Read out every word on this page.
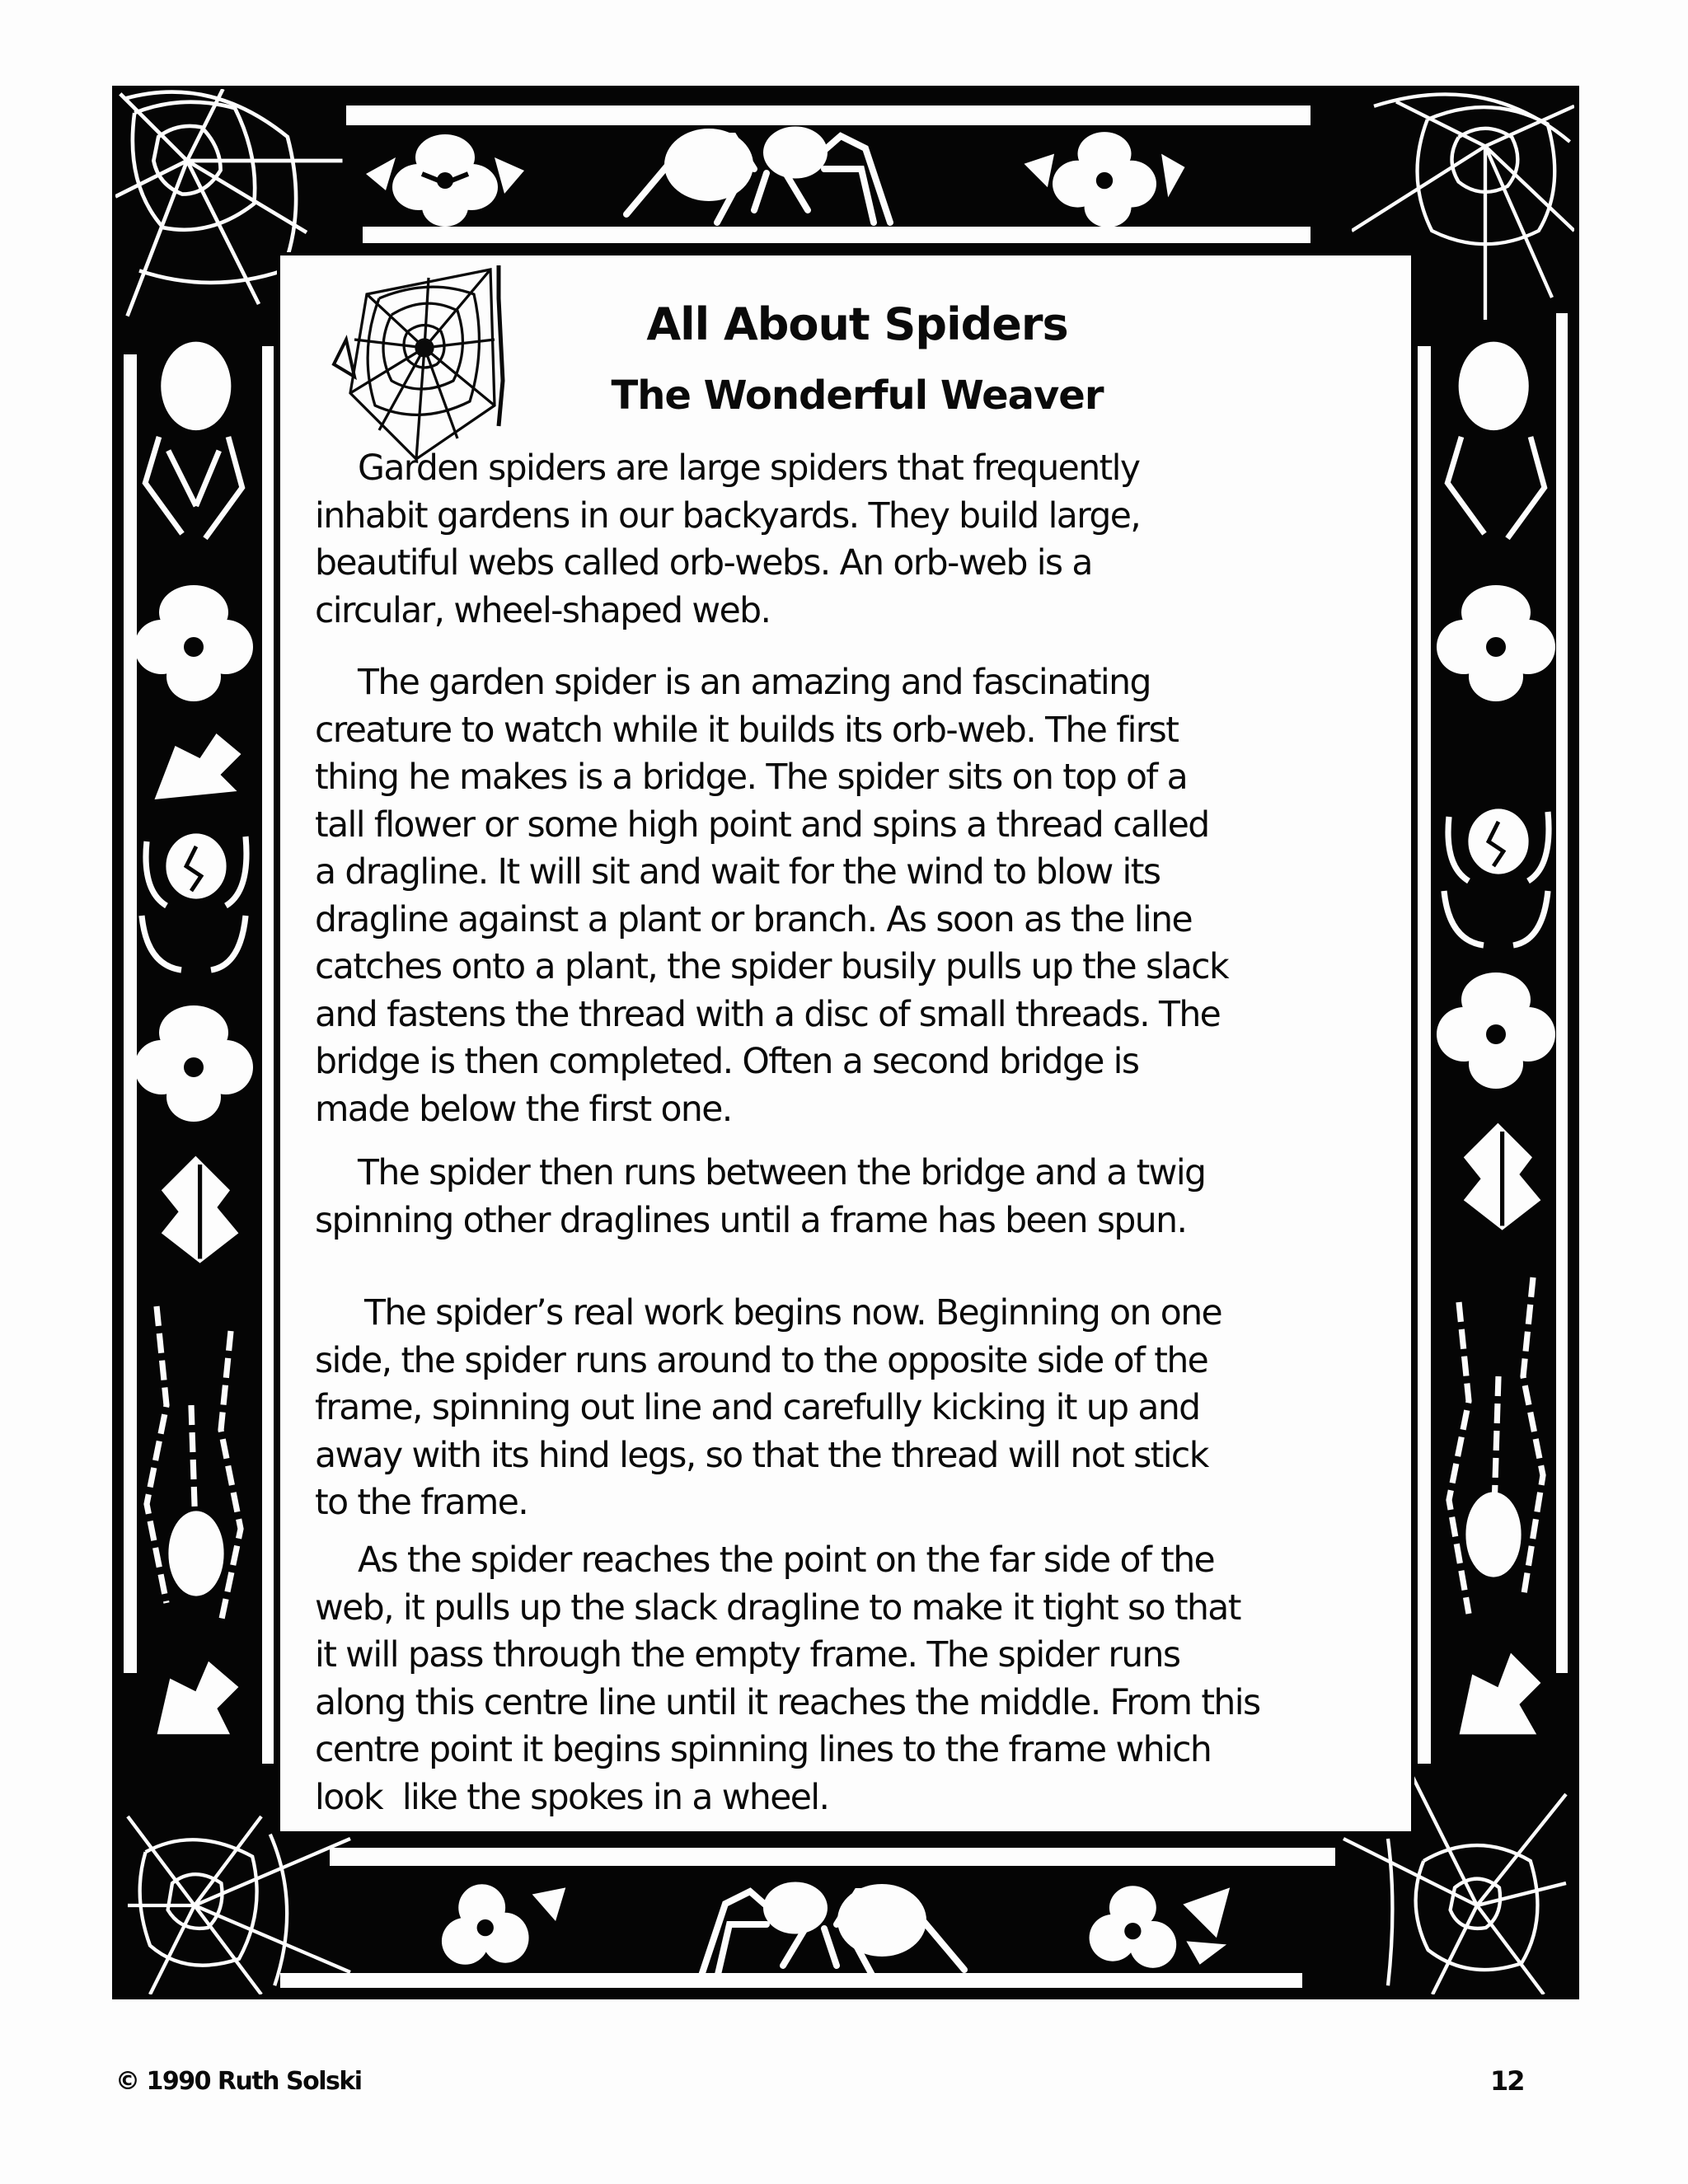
All About Spiders
The Wonderful Weaver

Garden spiders are large spiders that frequently
inhabit gardens in our backyards. They build large,
beautiful webs called orb-webs. An orb-web is a
circular, wheel-shaped web.

The garden spider is an amazing and fascinating
creature to watch while it builds its orb-web. The first
thing he makes is a bridge. The spider sits on top of a
tall flower or some high point and spins a thread called
a dragline. It will sit and wait for the wind to blow its
dragline against a plant or branch. As soon as the line
catches onto a plant, the spider busily pulls up the slack
and fastens the thread with a disc of small threads. The
bridge is then completed. Often a second bridge is
made below the first one.

The spider then runs between the bridge and a twig
spinning other draglines until a frame has been spun.

The spider’s real work begins now. Beginning on one
side, the spider runs around to the opposite side of the
frame, spinning out line and carefully kicking it up and
away with its hind legs, so that the thread will not stick
to the frame.

As the spider reaches the point on the far side of the
web, it pulls up the slack dragline to make it tight so that
it will pass through the empty frame. The spider runs
along this centre line until it reaches the middle. From this
centre point it begins spinning lines to the frame which
look  like the spokes in a wheel.

© 1990 Ruth Solski	12
